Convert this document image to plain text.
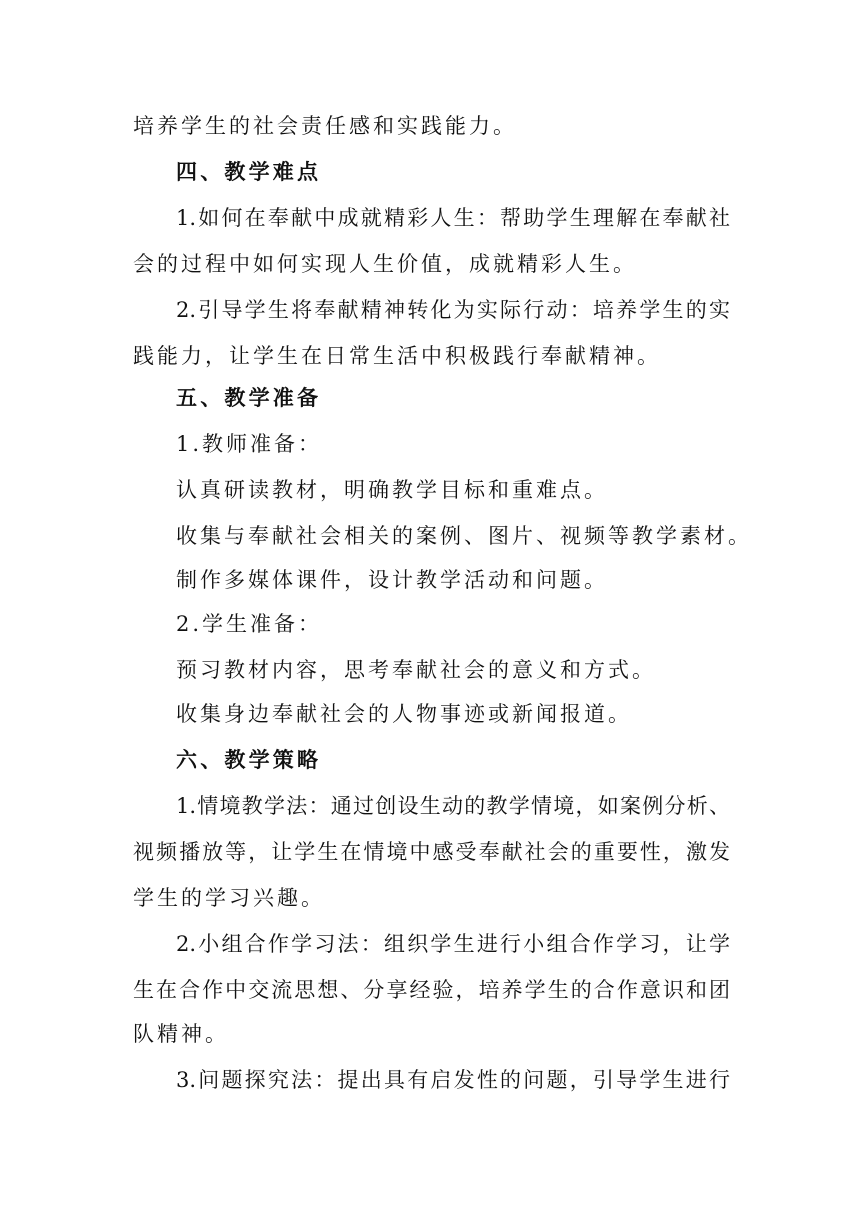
培养学生的社会责任感和实践能力。

四、教学难点

1.如何在奉献中成就精彩人生：帮助学生理解在奉献社

会的过程中如何实现人生价值，成就精彩人生。

2.引导学生将奉献精神转化为实际行动：培养学生的实

践能力，让学生在日常生活中积极践行奉献精神。

五、教学准备

1.教师准备：

认真研读教材，明确教学目标和重难点。

收集与奉献社会相关的案例、图片、视频等教学素材。

制作多媒体课件，设计教学活动和问题。

2.学生准备：

预习教材内容，思考奉献社会的意义和方式。

收集身边奉献社会的人物事迹或新闻报道。

六、教学策略

1.情境教学法：通过创设生动的教学情境，如案例分析、

视频播放等，让学生在情境中感受奉献社会的重要性，激发

学生的学习兴趣。

2.小组合作学习法：组织学生进行小组合作学习，让学

生在合作中交流思想、分享经验，培养学生的合作意识和团

队精神。

3.问题探究法：提出具有启发性的问题，引导学生进行
